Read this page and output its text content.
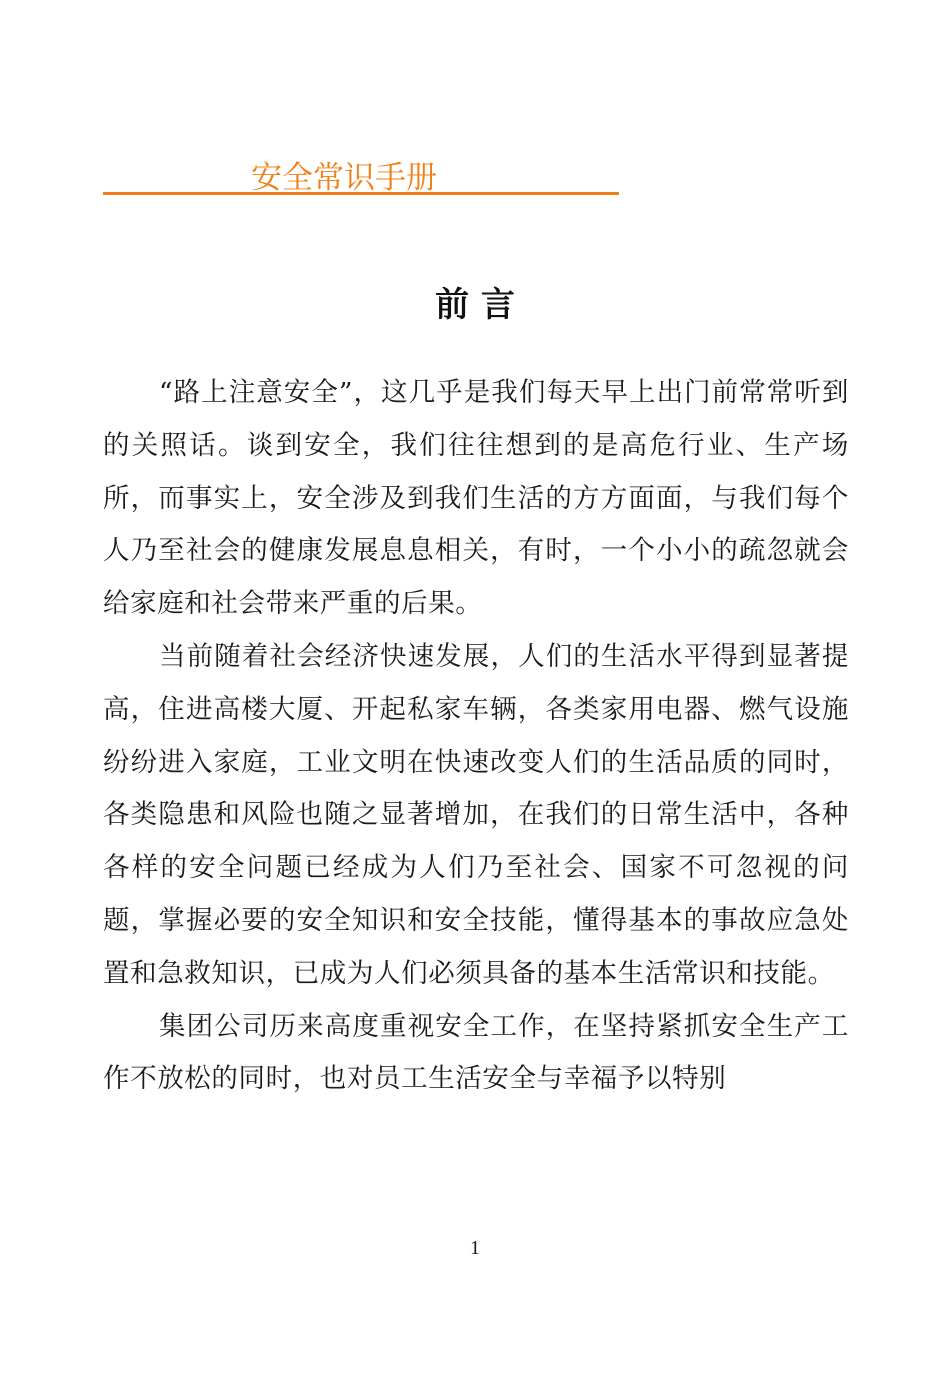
安全常识手册
前 言

“路上注意安全”，这几乎是我们每天早上出门前常常听到的关照话。谈到安全，我们往往想到的是高危行业、生产场所，而事实上，安全涉及到我们生活的方方面面，与我们每个人乃至社会的健康发展息息相关，有时，一个小小的疏忽就会给家庭和社会带来严重的后果。

当前随着社会经济快速发展，人们的生活水平得到显著提高，住进高楼大厦、开起私家车辆，各类家用电器、燃气设施纷纷进入家庭，工业文明在快速改变人们的生活品质的同时，各类隐患和风险也随之显著增加，在我们的日常生活中，各种各样的安全问题已经成为人们乃至社会、国家不可忽视的问题，掌握必要的安全知识和安全技能，懂得基本的事故应急处置和急救知识，已成为人们必须具备的基本生活常识和技能。

集团公司历来高度重视安全工作，在坚持紧抓安全生产工作不放松的同时，也对员工生活安全与幸福予以特别

1
